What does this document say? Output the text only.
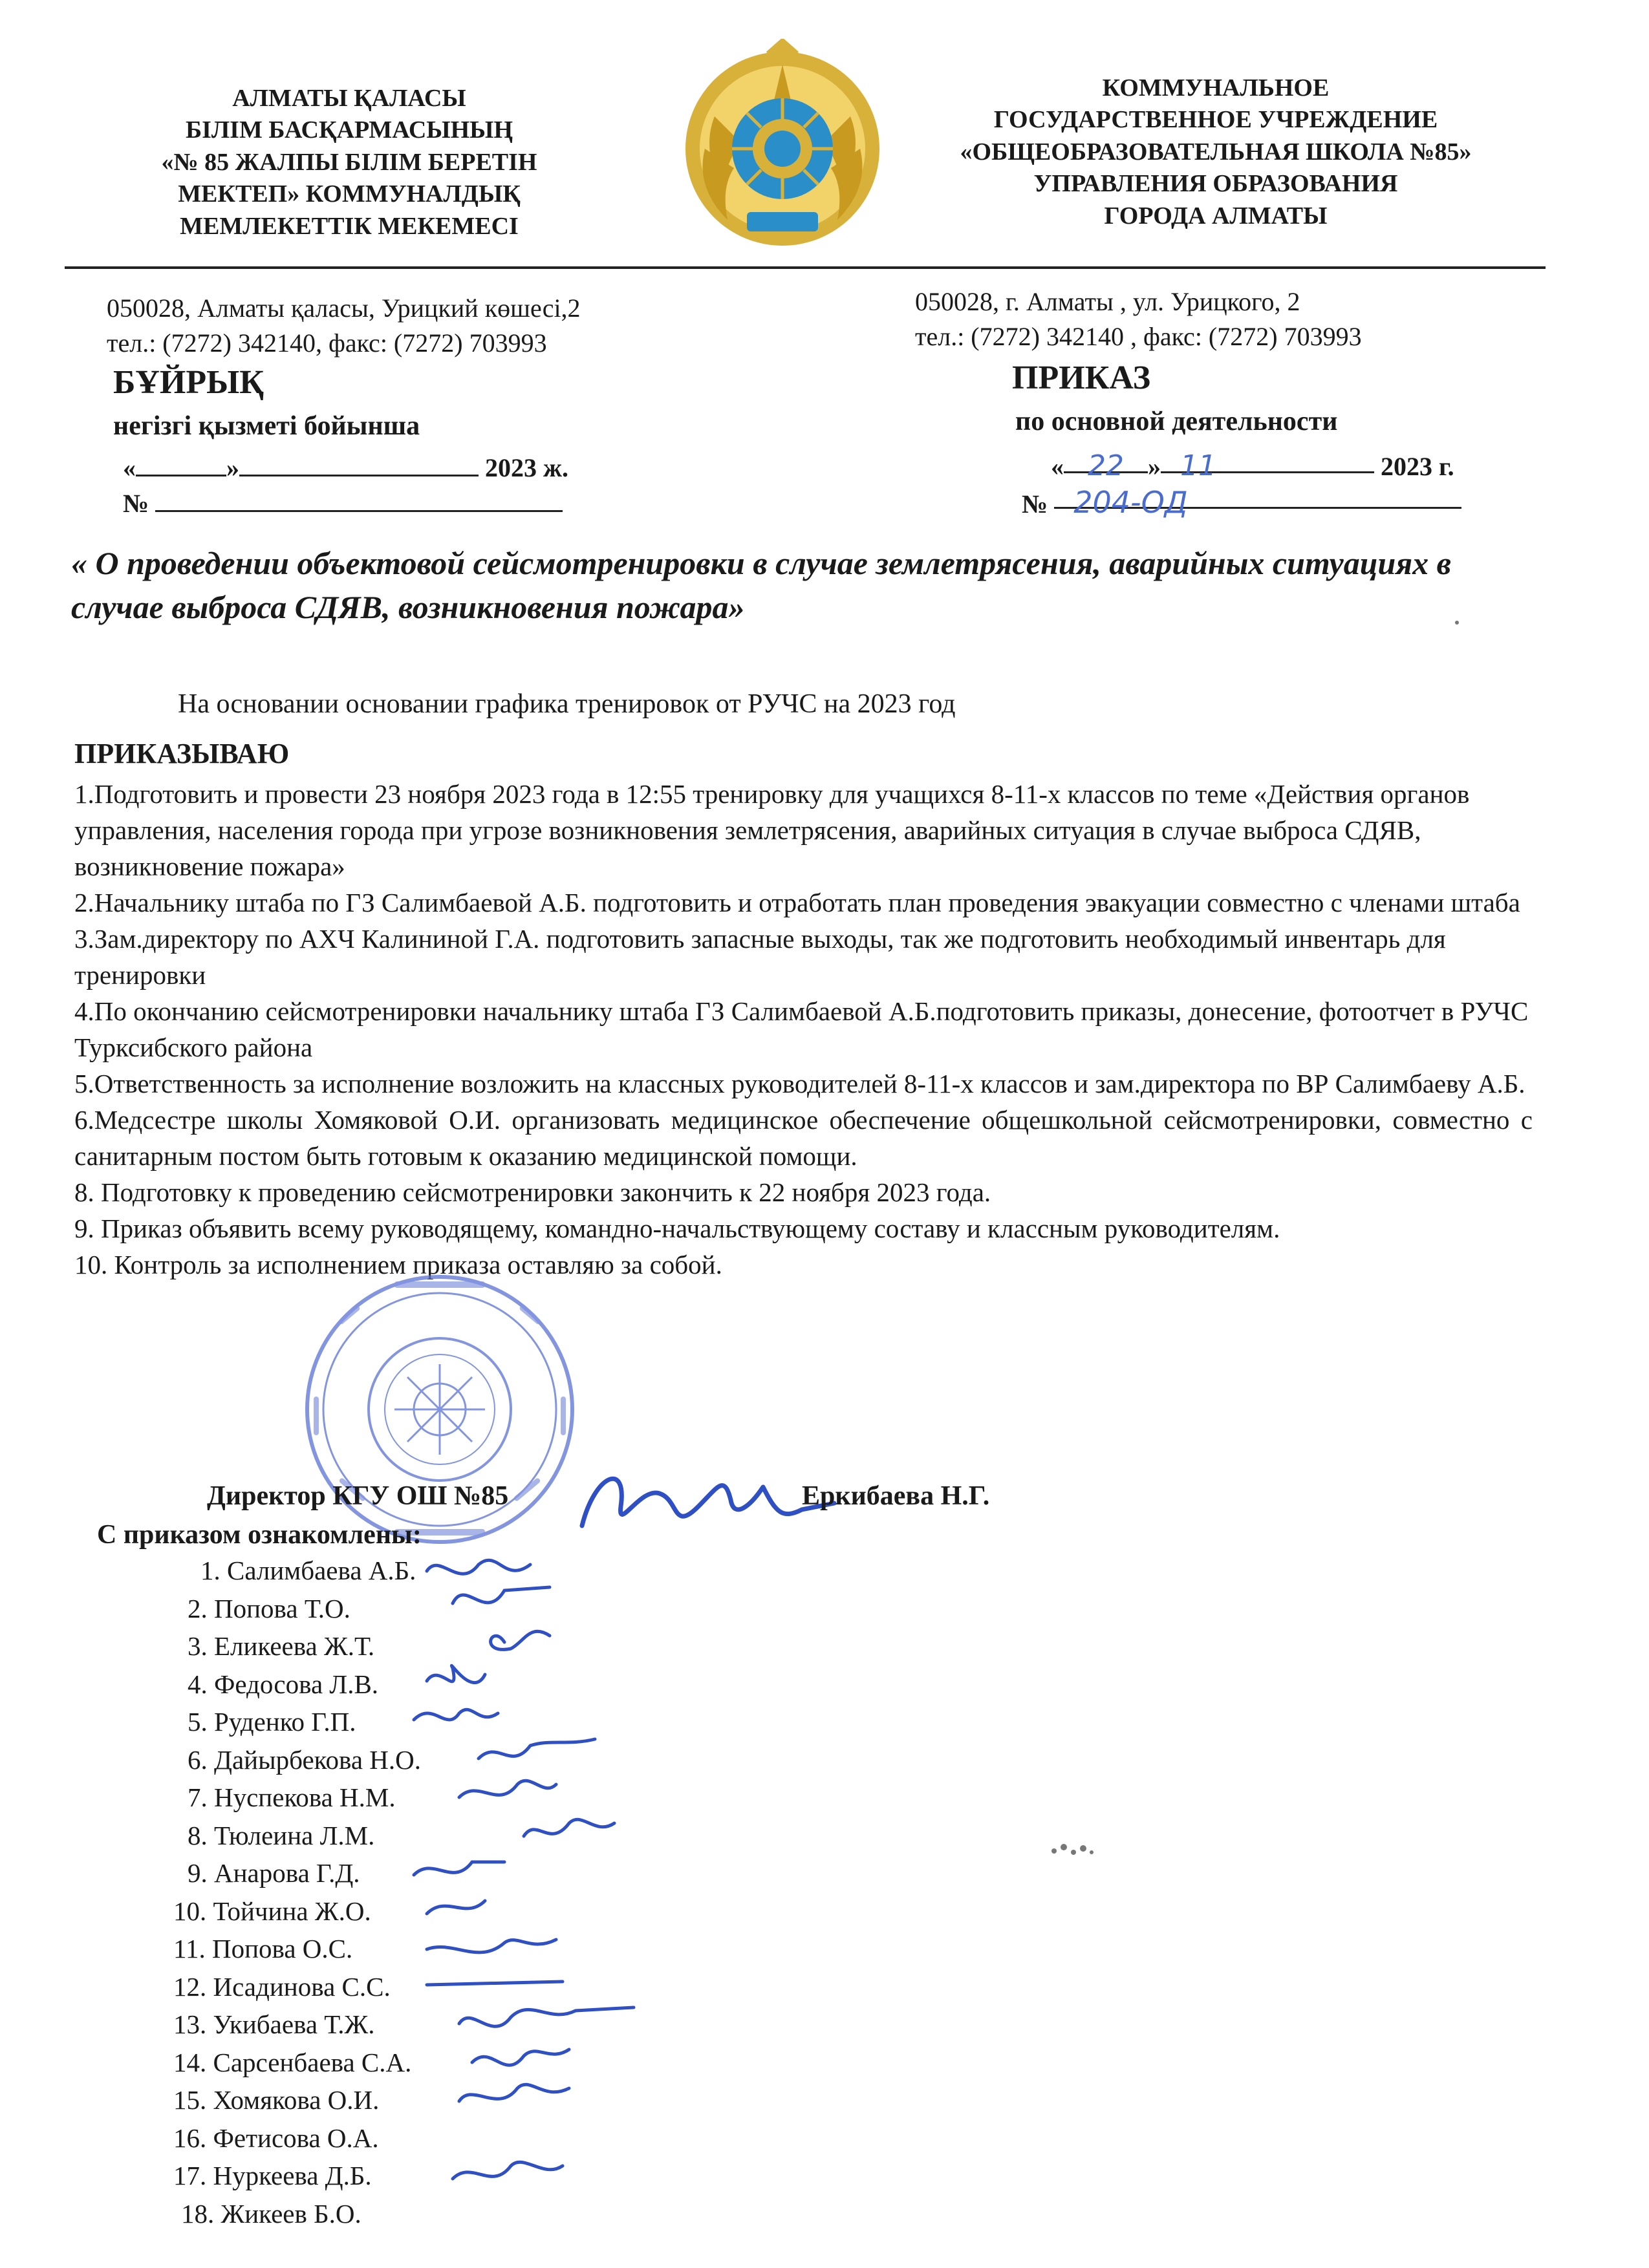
АЛМАТЫ ҚАЛАСЫ
БІЛІМ БАСҚАРМАСЫНЫҢ
«№ 85 ЖАЛПЫ БІЛІМ БЕРЕТІН
МЕКТЕП» КОММУНАЛДЫҚ
МЕМЛЕКЕТТІК МЕКЕМЕСІ
КОММУНАЛЬНОЕ
ГОСУДАРСТВЕННОЕ УЧРЕЖДЕНИЕ
«ОБЩЕОБРАЗОВАТЕЛЬНАЯ ШКОЛА №85»
УПРАВЛЕНИЯ ОБРАЗОВАНИЯ
ГОРОДА АЛМАТЫ
050028, Алматы қаласы, Урицкий көшесі,2
тел.: (7272) 342140, факс: (7272) 703993
050028, г. Алматы , ул. Урицкого, 2
тел.: (7272) 342140 , факс: (7272) 703993
БҰЙРЫҚ
негізгі қызметі бойынша
«	»	2023 ж.
№
ПРИКАЗ
по основной деятельности
« 22 » 11	2023 г.
№ 204-ОД
« О проведении объектовой сейсмотренировки в случае землетрясения, аварийных ситуациях в случае выброса СДЯВ, возникновения пожара»
На основании основании графика тренировок от РУЧС на 2023 год
ПРИКАЗЫВАЮ

1.Подготовить и провести 23 ноября 2023 года в 12:55 тренировку для учащихся 8-11-х классов по теме «Действия органов управления, населения города при угрозе возникновения землетрясения, аварийных ситуация в случае выброса СДЯВ, возникновение пожара»

2.Начальнику штаба по ГЗ Салимбаевой А.Б. подготовить и отработать план проведения эвакуации совместно с членами штаба

3.Зам.директору по АХЧ Калининой Г.А. подготовить запасные выходы, так же подготовить необходимый инвентарь для тренировки

4.По окончанию сейсмотренировки начальнику штаба ГЗ Салимбаевой А.Б.подготовить приказы, донесение, фотоотчет в РУЧС Турксибского района

5.Ответственность за исполнение возложить на классных руководителей 8-11-х классов и зам.директора по ВР Салимбаеву А.Б.

6.Медсестре школы Хомяковой О.И. организовать медицинское обеспечение общешкольной сейсмотренировки, совместно с санитарным постом быть готовым к оказанию медицинской помощи.

8. Подготовку к проведению сейсмотренировки закончить к 22 ноября 2023 года.

9. Приказ объявить всему руководящему, командно-начальствующему составу и классным руководителям.

10. Контроль за исполнением приказа оставляю за собой.

Директор КГУ ОШ №85	Еркибаева Н.Г.
С приказом ознакомлены:
1. Салимбаева А.Б.
2. Попова Т.О.
3. Еликеева Ж.Т.
4. Федосова Л.В.
5. Руденко Г.П.
6. Дайырбекова Н.О.
7. Нуспекова Н.М.
8. Тюлеина Л.М.
9. Анарова Г.Д.
10. Тойчина Ж.О.
11. Попова О.С.
12. Исадинова С.С.
13. Укибаева Т.Ж.
14. Сарсенбаева С.А.
15. Хомякова О.И.
16. Фетисова О.А.
17. Нуркеева Д.Б.
18. Жикеев Б.О.
